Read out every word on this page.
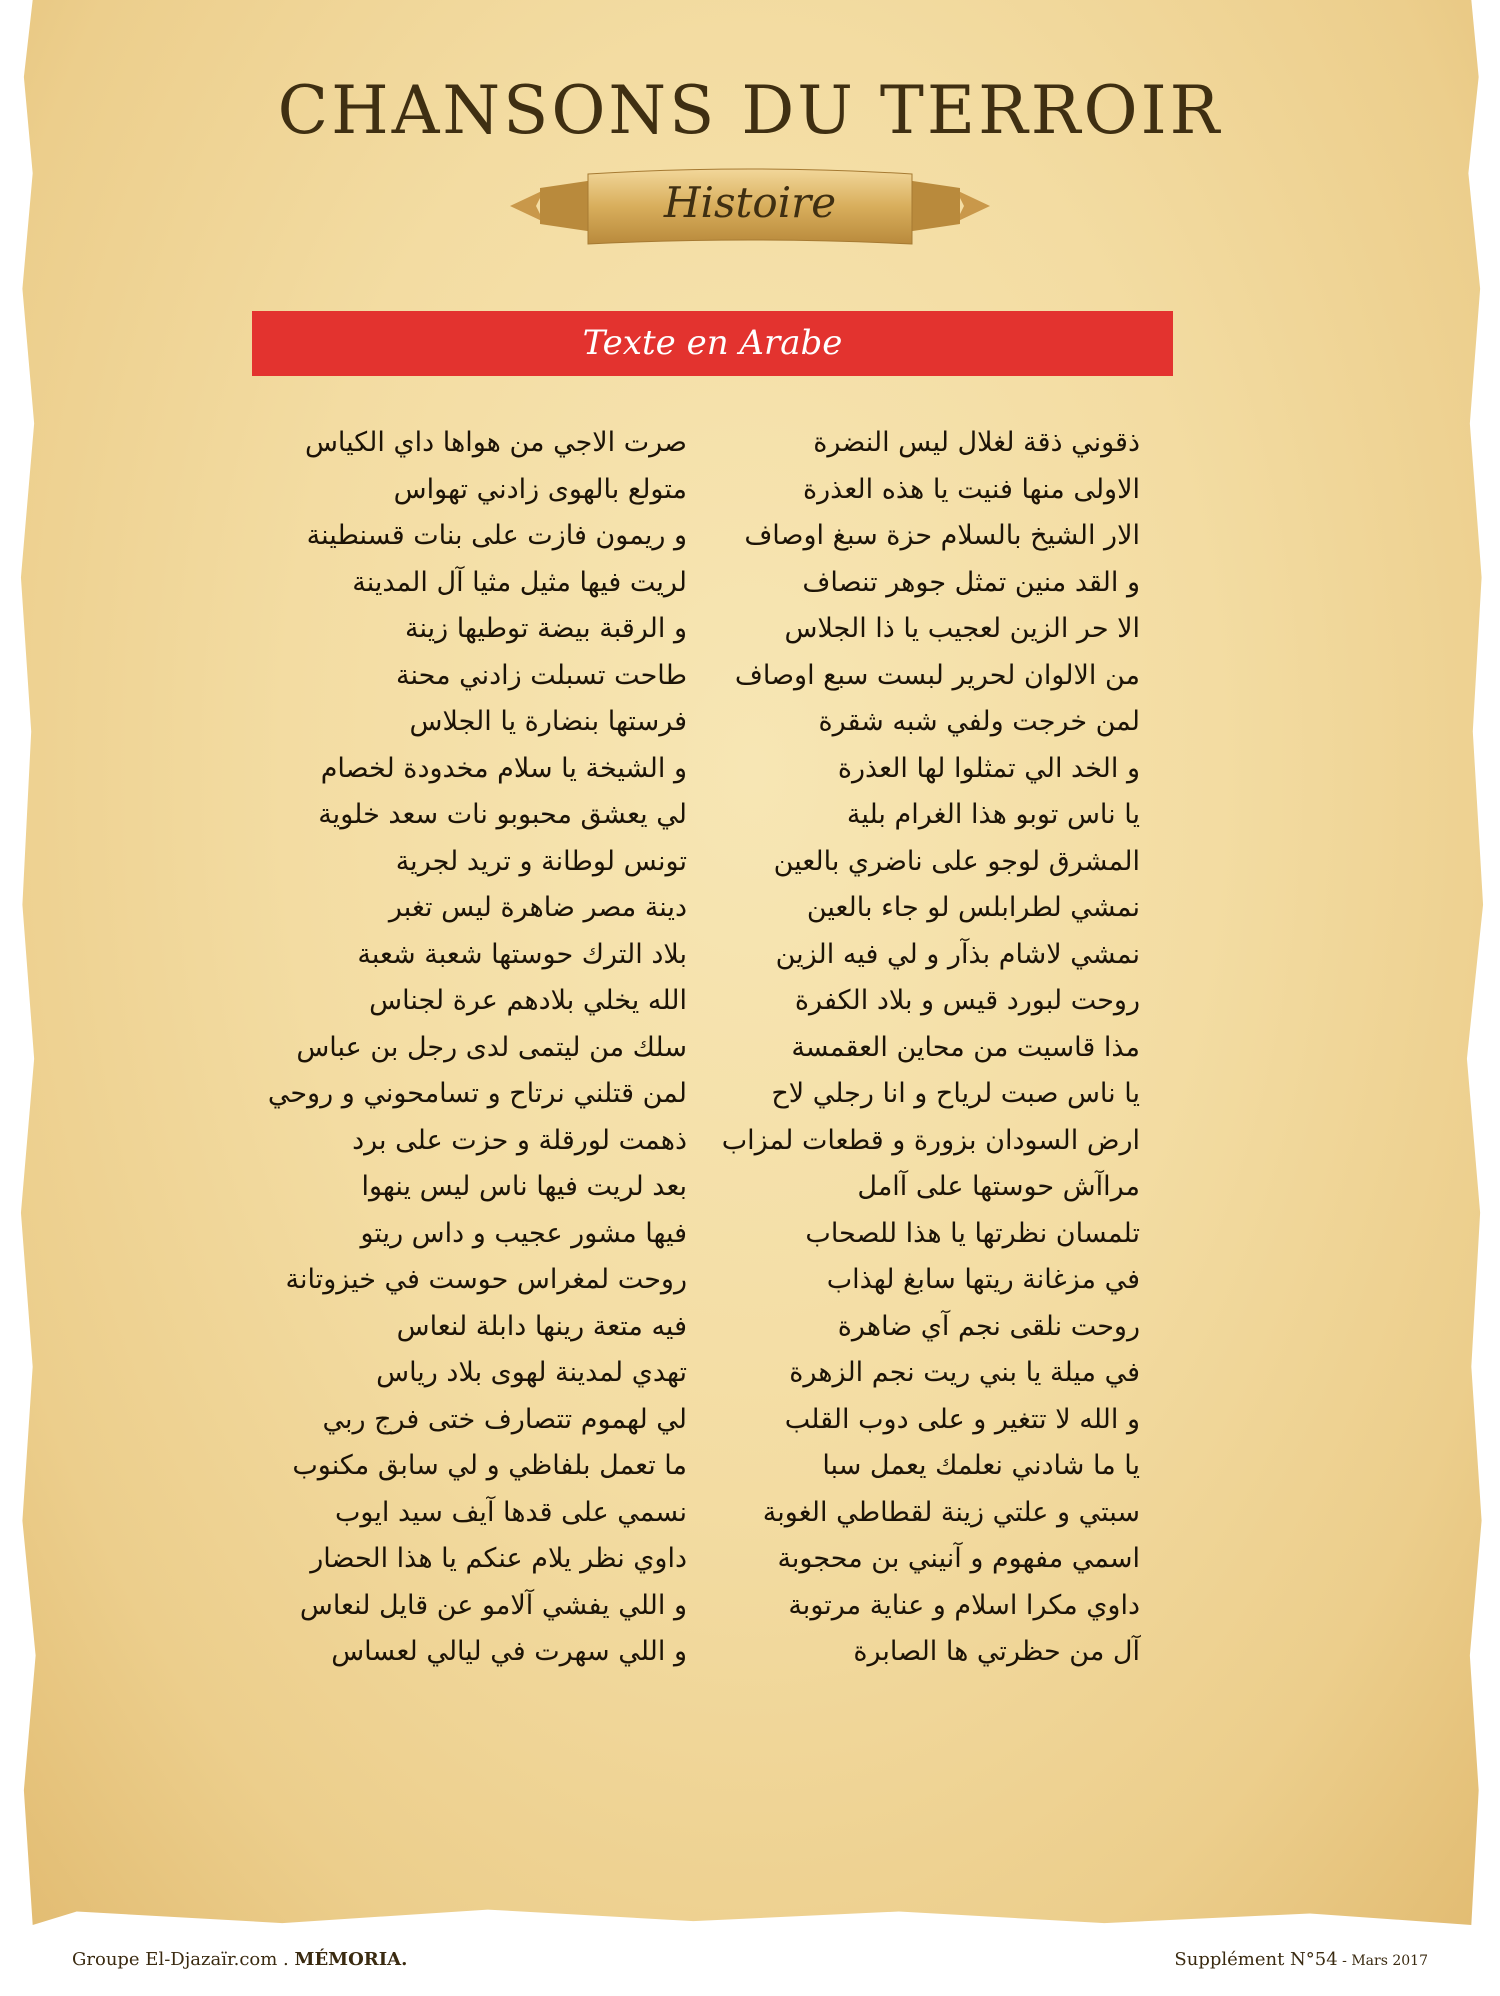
CHANSONS DU TERROIR
Histoire
Texte en Arabe
ذقوني ذقة لغلال ليس النضرة
الاولى منها فنيت يا هذه العذرة
الار الشيخ بالسلام حزة سبغ اوصاف
و القد منين تمثل جوهر تنصاف
الا حر الزين لعجيب يا ذا الجلاس
من الالوان لحرير لبست سبع اوصاف
لمن خرجت ولفي شبه شقرة
و الخد الي تمثلوا لها العذرة
يا ناس توبو هذا الغرام بلية
المشرق لوجو على ناضري بالعين
نمشي لطرابلس لو جاء بالعين
نمشي لاشام بذآر و لي فيه الزين
روحت لبورد قيس و بلاد الكفرة
مذا قاسيت من محاين العقمسة
يا ناس صبت لرياح و انا رجلي لاح
ارض السودان بزورة و قطعات لمزاب
مراآش حوستها على آامل
تلمسان نظرتها يا هذا للصحاب
في مزغانة ريتها سابغ لهذاب
روحت نلقى نجم آي ضاهرة
في ميلة يا بني ريت نجم الزهرة
و الله لا تتغير و على دوب القلب
يا ما شادني نعلمك يعمل سبا
سبتي و علتي زينة لقطاطي الغوبة
اسمي مفهوم و آنيني بن محجوبة
داوي مكرا اسلام و عناية مرتوبة
آل من حظرتي ها الصابرة
صرت الاجي من هواها داي الكياس
متولع بالهوى زادني تهواس
و ريمون فازت على بنات قسنطينة
لريت فيها مثيل مثيا آل المدينة
و الرقبة بيضة توطيها زينة
طاحت تسبلت زادني محنة
فرستها بنضارة يا الجلاس
و الشيخة يا سلام مخدودة لخصام
لي يعشق محبوبو نات سعد خلوية
تونس لوطانة و تريد لجرية
دينة مصر ضاهرة ليس تغبر
بلاد الترك حوستها شعبة شعبة
الله يخلي بلادهم عرة لجناس
سلك من ليتمى لدى رجل بن عباس
لمن قتلني نرتاح و تسامحوني و روحي
ذهمت لورقلة و حزت على برد
بعد لريت فيها ناس ليس ينهوا
فيها مشور عجيب و داس ريتو
روحت لمغراس حوست في خيزوتانة
فيه متعة رينها دابلة لنعاس
تهدي لمدينة لهوى بلاد رياس
لي لهموم تتصارف ختى فرج ربي
ما تعمل بلفاظي و لي سابق مكنوب
نسمي على قدها آيف سيد ايوب
داوي نظر يلام عنكم يا هذا الحضار
و اللي يفشي آلامو عن قايل لنعاس
و اللي سهرت في ليالي لعساس
Groupe El-Djazaïr.com . MÉMORIA.	Supplément N°54 - Mars 2017
